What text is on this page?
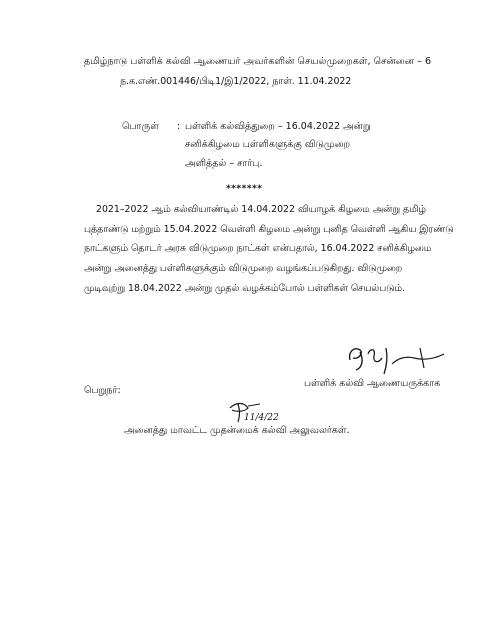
தமிழ்நாடு பள்ளிக் கல்வி ஆணையர் அவர்களின் செயல்முறைகள், சென்னை – 6
ந.க.எண்.001446/பிடி1/இ1/2022, நாள். 11.04.2022
பொருள் : பள்ளிக் கல்வித்துறை – 16.04.2022 அன்று
சனிக்கிழமை பள்ளிகளுக்கு விடுமுறை
அளித்தல் – சார்பு.
*******
2021–2022 ஆம் கல்வியாண்டில் 14.04.2022 வியாழக் கிழமை அன்று தமிழ்
புத்தாண்டு மற்றும் 15.04.2022 வெள்ளி கிழமை அன்று புனித வெள்ளி ஆகிய இரண்டு
நாட்களும் தொடர் அரசு விடுமுறை நாட்கள் என்பதால், 16.04.2022 சனிக்கிழமை
அன்று அனைத்து பள்ளிகளுக்கும் விடுமுறை வழங்கப்படுகிறது. விடுமுறை
முடிவுற்று 18.04.2022 அன்று முதல் வழக்கம்போல் பள்ளிகள் செயல்படும்.
பள்ளிக் கல்வி ஆணையருக்காக
பெறுநர்:
11/4/22
அனைத்து மாவட்ட முதன்மைக் கல்வி அலுவலர்கள்.
